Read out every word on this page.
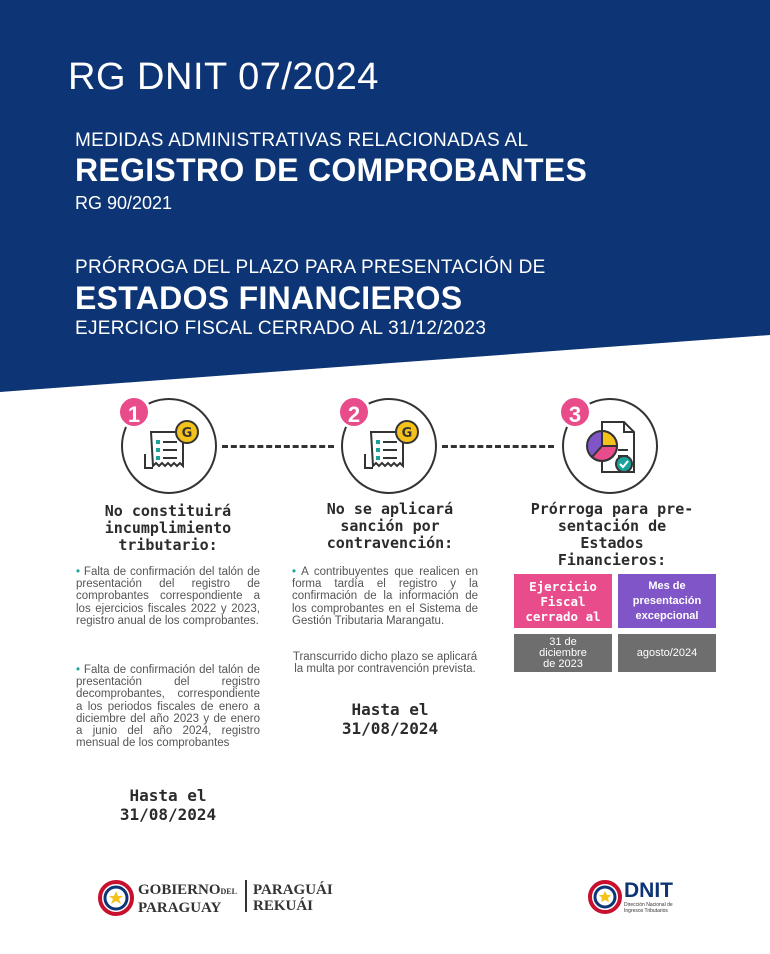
RG DNIT 07/2024
MEDIDAS ADMINISTRATIVAS RELACIONADAS AL
REGISTRO DE COMPROBANTES
RG 90/2021
PRÓRROGA DEL PLAZO PARA PRESENTACIÓN DE
ESTADOS FINANCIEROS
EJERCICIO FISCAL CERRADO AL 31/12/2023
G
1
G
2	3
No constituirá
incumplimiento
tributario:
• Falta de confirmación del talón de presentación del registro de comprobantes correspondiente a los ejercicios fiscales 2022 y 2023, registro anual de los comprobantes.
• Falta de confirmación del talón de presentación del registro decomprobantes, correspondiente a los periodos fiscales de enero a diciembre del año 2023 y de enero a junio del año 2024, registro mensual de los comprobantes
Hasta el
31/08/2024
No se aplicará
sanción por
contravención:
• A contribuyentes que realicen en forma tardía el registro y la confirmación de la información de los comprobantes en el Sistema de Gestión Tributaria Marangatu.
Transcurrido dicho plazo se aplicará la multa por contravención prevista.
Hasta el
31/08/2024
Prórroga para pre-
sentación de
Estados
Financieros:
Ejercicio
Fiscal
cerrado al
Mes de
presentación
excepcional
31 de
diciembre
de 2023
agosto/2024
GOBIERNODEL
PARAGUAY
PARAGUÁI
REKUÁI
DNIT
Dirección Nacional de
Ingresos Tributarios
